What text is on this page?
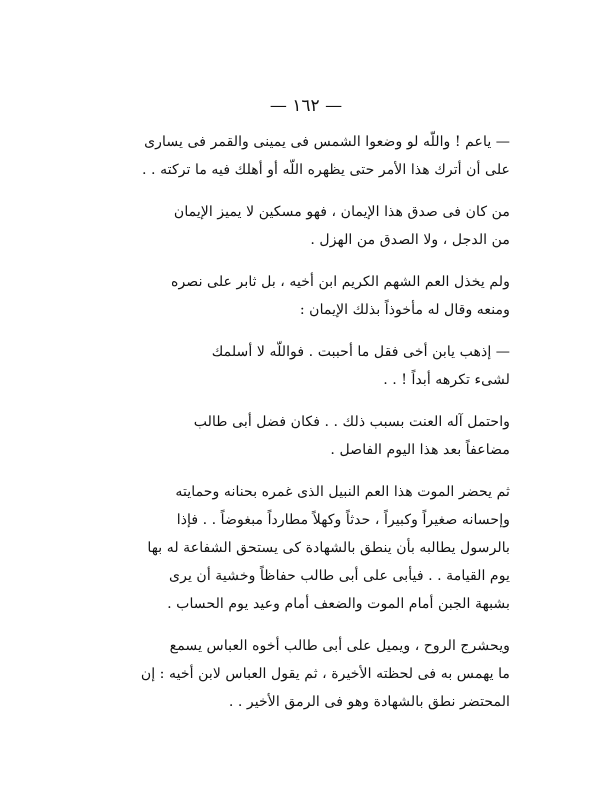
— ١٦٢ —
— ياعم ! واللّه لو وضعوا الشمس فى يمينى والقمر فى يسارى
على أن أترك هذا الأمر حتى يظهره اللّه أو أهلك فيه ما تركته . .
من كان فى صدق هذا الإيمان ، فهو مسكين لا يميز الإيمان
من الدجل ، ولا الصدق من الهزل .
ولم يخذل العم الشهم الكريم ابن أخيه ، بل ثابر على نصره
ومنعه وقال له مأخوذاً بذلك الإيمان :
— إذهب يابن أخى فقل ما أحببت . فواللّه لا أسلمك
لشىء تكرهه أبداً ! . .
واحتمل آله العنت بسبب ذلك . . فكان فضل أبى طالب
مضاعفاً بعد هذا اليوم الفاصل .
ثم يحضر الموت هذا العم النبيل الذى غمره بحنانه وحمايته
وإحسانه صغيراً وكبيراً ، حدثاً وكهلاً مطارداً مبغوضاً . . فإذا
بالرسول يطالبه بأن ينطق بالشهادة كى يستحق الشفاعة له بها
يوم القيامة . . فيأبى على أبى طالب حفاظاً وخشية أن يرى
بشبهة الجبن أمام الموت والضعف أمام وعيد يوم الحساب .
ويحشرج الروح ، ويميل على أبى طالب أخوه العباس يسمع
ما يهمس به فى لحظته الأخيرة ، ثم يقول العباس لابن أخيه : إن
المحتضر نطق بالشهادة وهو فى الرمق الأخير . .
